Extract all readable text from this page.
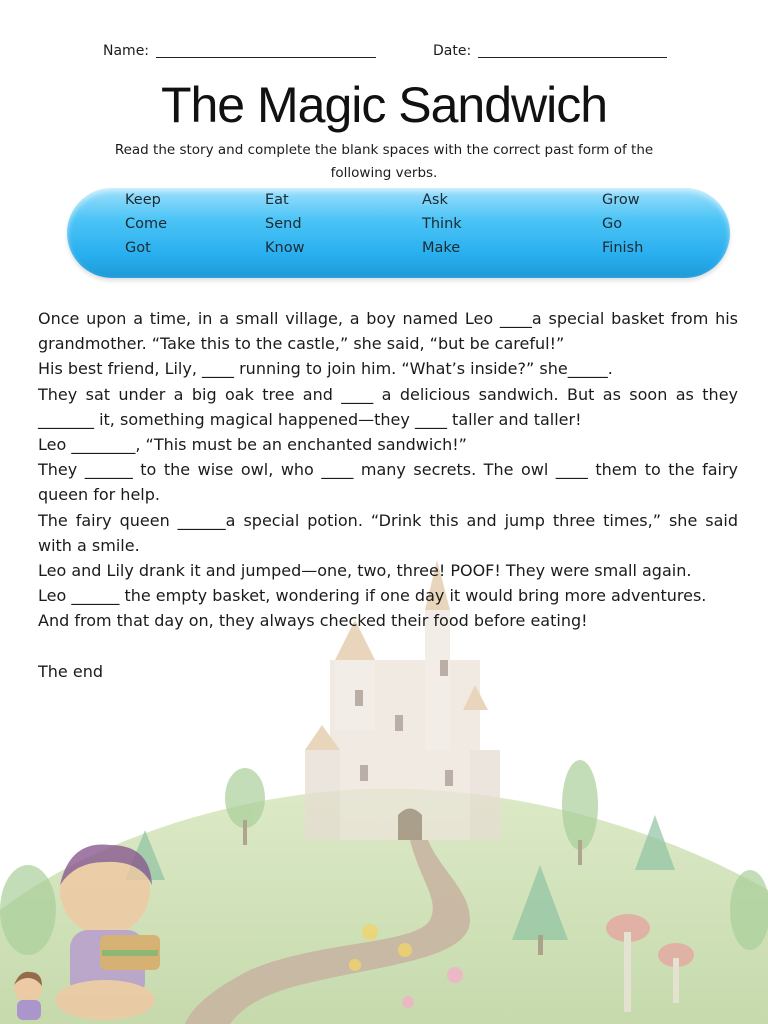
Name:	Date:
The Magic Sandwich
Read the story and complete the blank spaces with the correct past form of the following verbs.
Keep
Come
Got
Eat
Send
Know
Ask
Think
Make
Grow
Go
Finish

Once upon a time, in a small village, a boy named Leo ____a special basket from his grandmother. “Take this to the castle,” she said, “but be careful!”

His best friend, Lily, ____ running to join him. “What’s inside?” she_____.

They sat under a big oak tree and ____ a delicious sandwich. But as soon as they _______ it, something magical happened—they ____ taller and taller!

Leo ________, “This must be an enchanted sandwich!”

They ______ to the wise owl, who ____ many secrets. The owl ____ them to the fairy queen for help.

The fairy queen ______a special potion. “Drink this and jump three times,” she said with a smile.

Leo and Lily drank it and jumped—one, two, three! POOF! They were small again.

Leo ______ the empty basket, wondering if one day it would bring more adventures.

And from that day on, they always checked their food before eating!

The end
